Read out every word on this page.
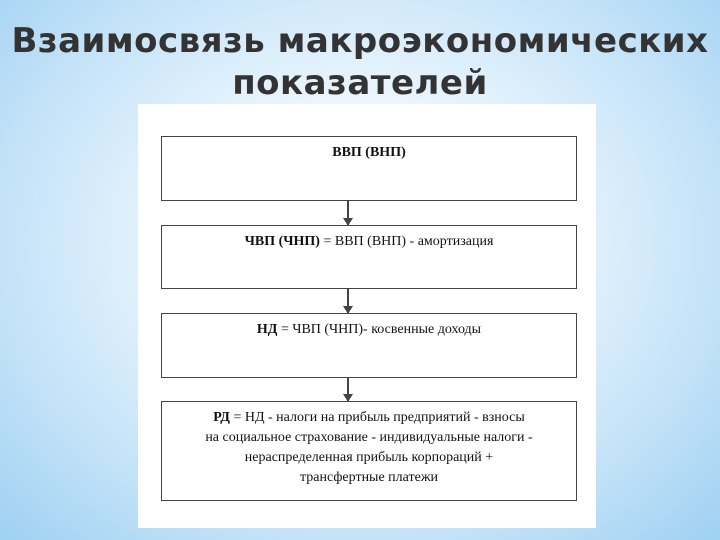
Взаимосвязь макроэкономических
показателей
ВВП (ВНП)
ЧВП (ЧНП) = ВВП (ВНП) - амортизация
НД = ЧВП (ЧНП)- косвенные доходы
РД = НД - налоги на прибыль предприятий - взносы
на социальное страхование - индивидуальные налоги -
нераспределенная прибыль корпораций +
трансфертные платежи
